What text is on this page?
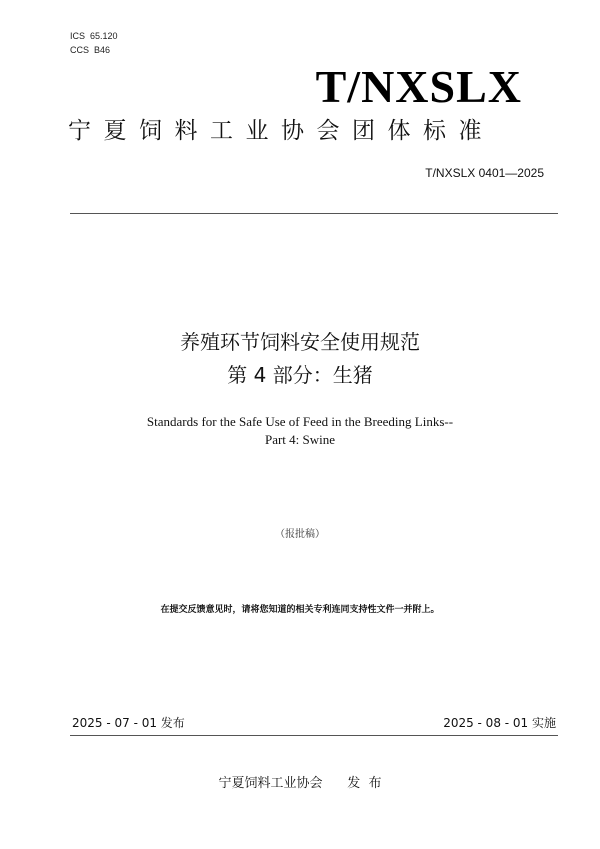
ICS  65.120
CCS  B46
T/NXSLX
宁夏饲料工业协会团体标准
T/NXSLX 0401—2025
养殖环节饲料安全使用规范
第 4 部分：生猪
Standards for the Safe Use of Feed in the Breeding Links--
Part 4: Swine
（报批稿）
在提交反馈意见时，请将您知道的相关专利连同支持性文件一并附上。
2025 - 07 - 01 发布	2025 - 08 - 01 实施
宁夏饲料工业协会      发  布
